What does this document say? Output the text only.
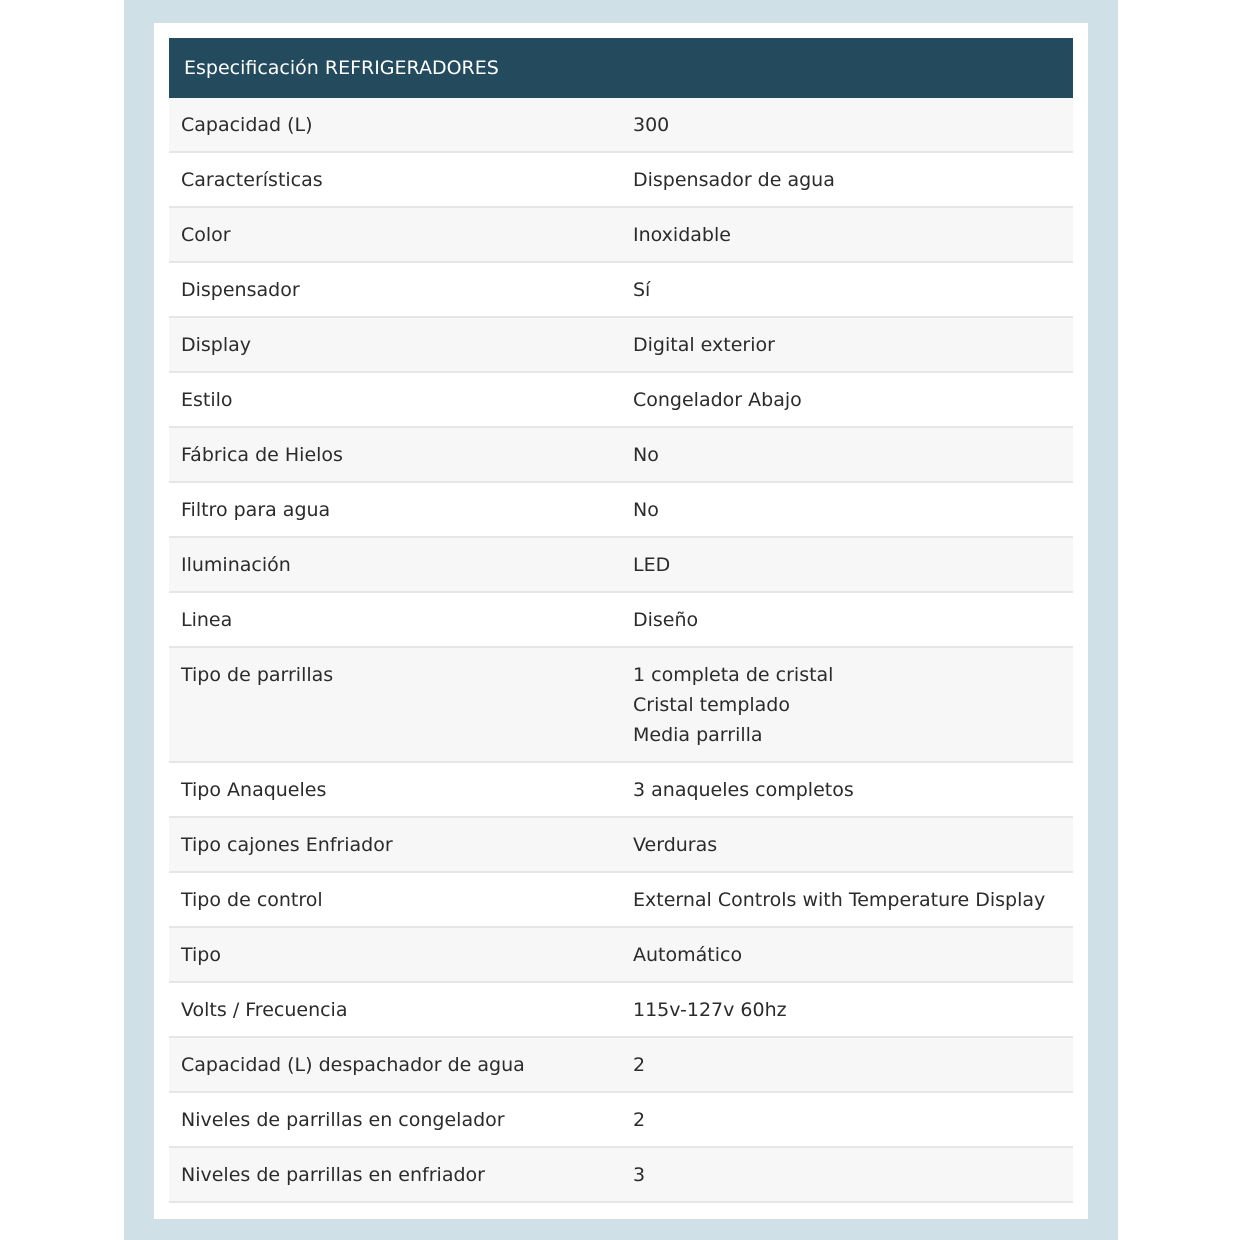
Especificación REFRIGERADORES
Capacidad (L)	300
Características	Dispensador de agua
Color	Inoxidable
Dispensador	Sí
Display	Digital exterior
Estilo	Congelador Abajo
Fábrica de Hielos	No
Filtro para agua	No
Iluminación	LED
Linea	Diseño
Tipo de parrillas	1 completa de cristal
Cristal templado
Media parrilla
Tipo Anaqueles	3 anaqueles completos
Tipo cajones Enfriador	Verduras
Tipo de control	External Controls with Temperature Display
Tipo	Automático
Volts / Frecuencia	115v-127v 60hz
Capacidad (L) despachador de agua	2
Niveles de parrillas en congelador	2
Niveles de parrillas en enfriador	3
